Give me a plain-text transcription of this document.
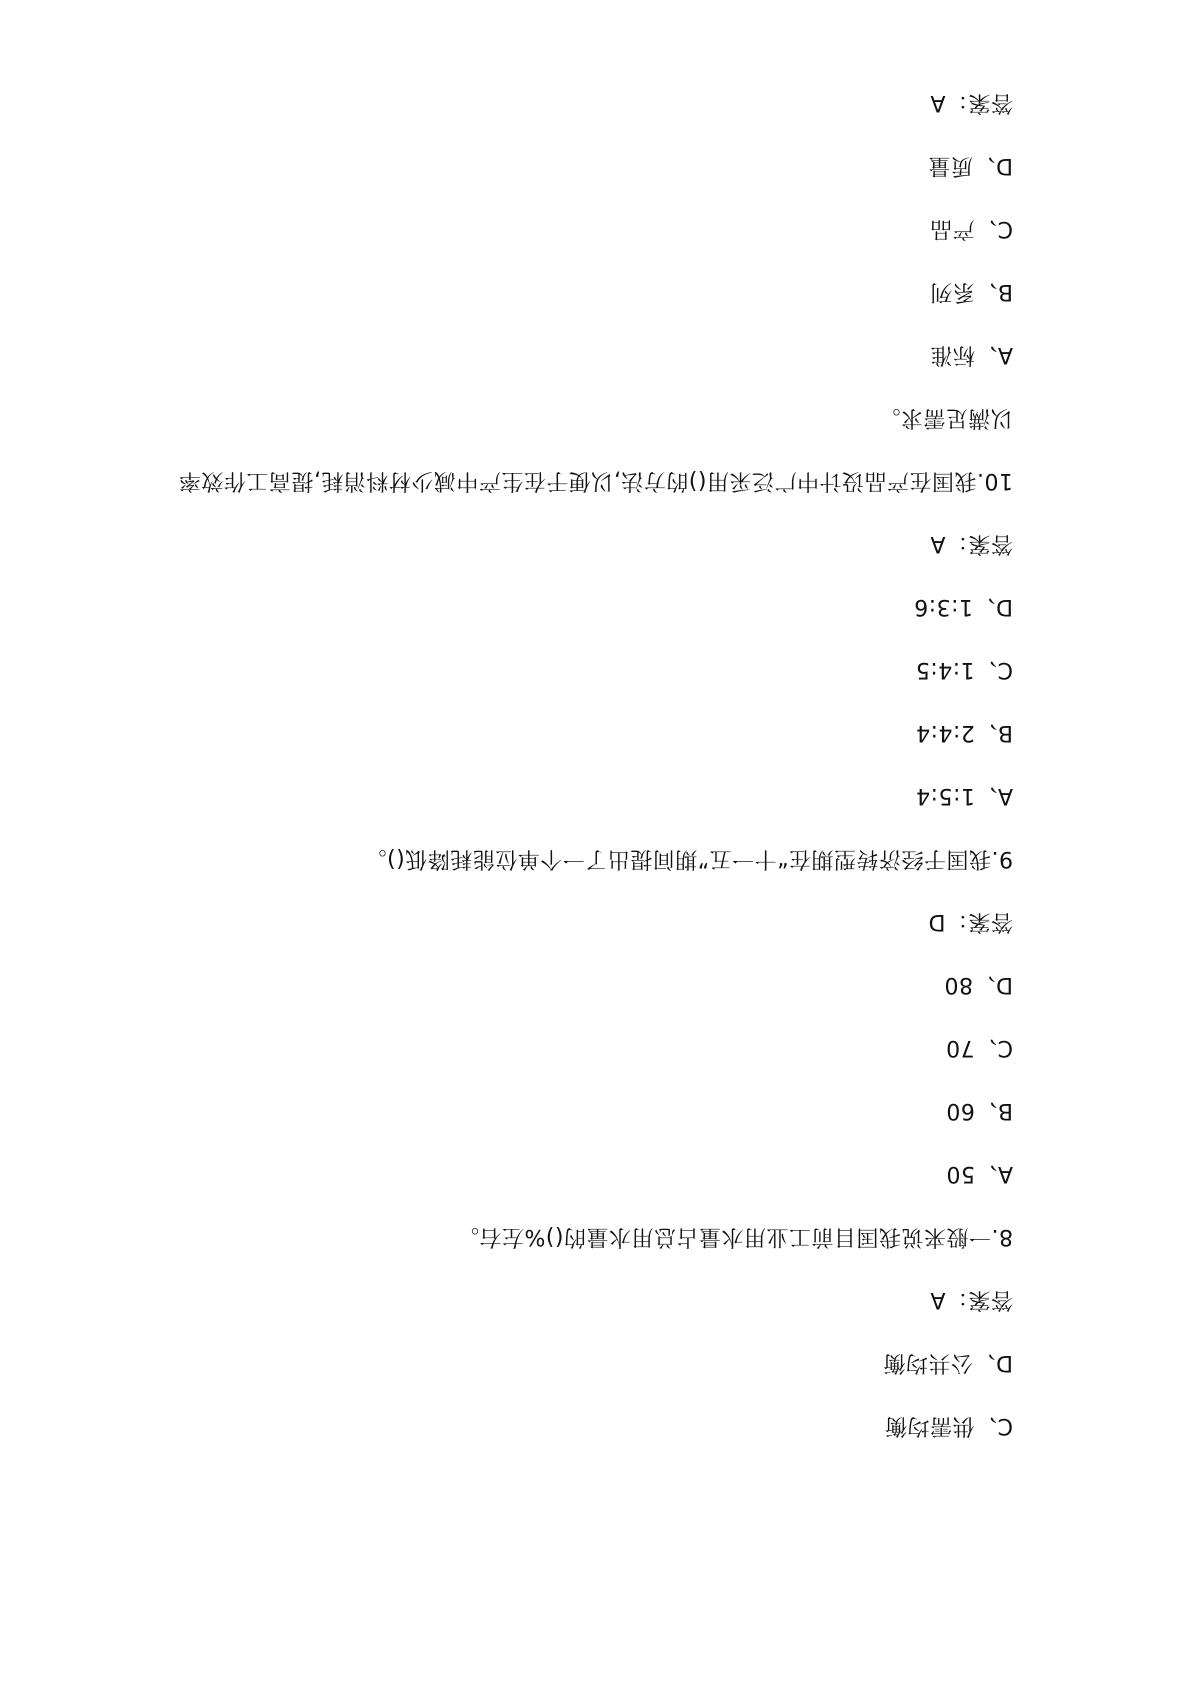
C、供需均衡
D、公共均衡
答案：A
8.一般来说我国目前工业用水量占总用水量的()%左右。
A、50
B、60
C、70
D、80
答案：D
9.我国于经济转型期在“十一五”期间提出了一个单位能耗降低()。
A、1:5:4
B、2:4:4
C、1:4:5
D、1:3:6
答案：A
10.我国在产品设计中广泛采用()的方法,以便于在生产中减少材料消耗,提高工作效率
以满足需求。
A、标准
B、系列
C、产品
D、质量
答案：A
